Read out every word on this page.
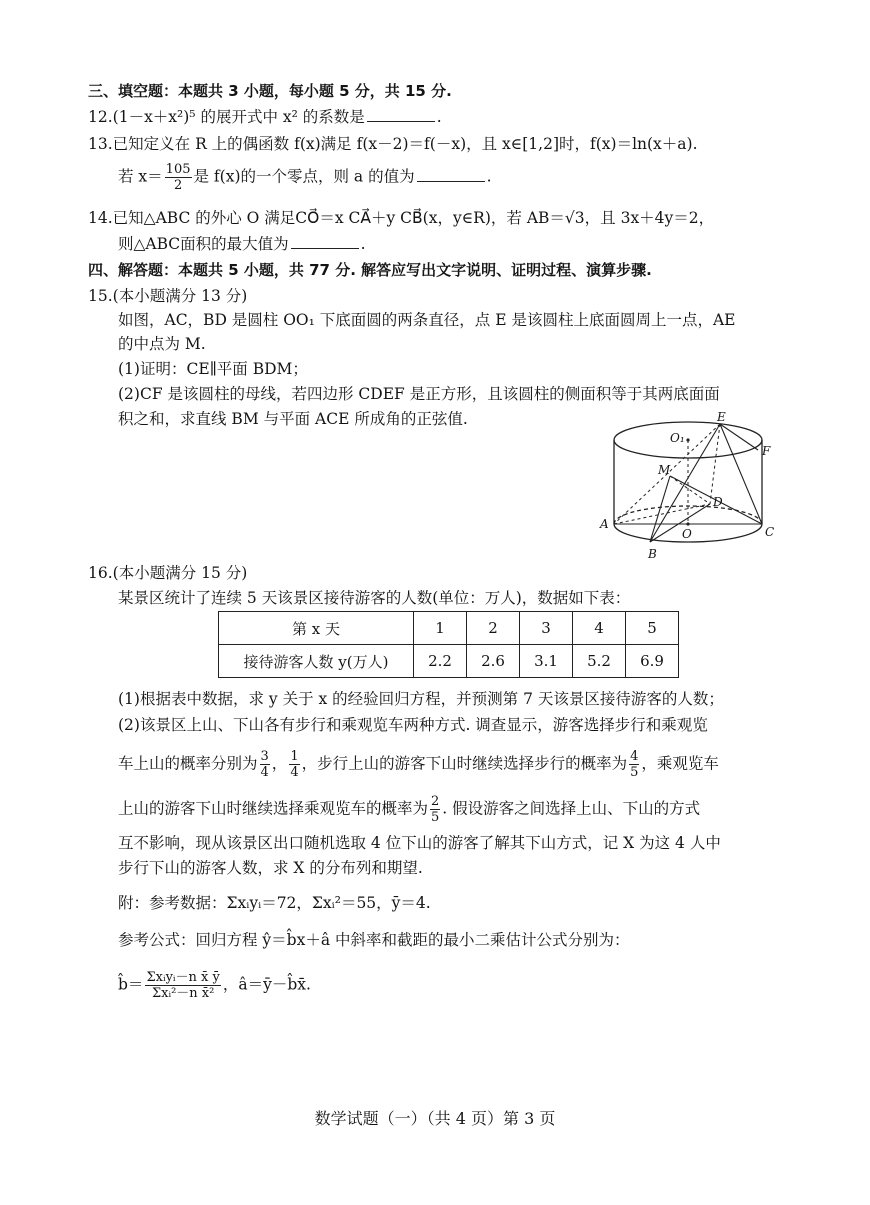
三、填空题：本题共 3 小题，每小题 5 分，共 15 分.
12.(1－x＋x²)⁵ 的展开式中 x² 的系数是	.
13.已知定义在 R 上的偶函数 f(x)满足 f(x－2)＝f(－x)，且 x∈[1,2]时，f(x)＝ln(x＋a).
若 $x= \frac{105}{2}$ 是 f(x)的一个零点，则 a 的值为	.
14.已知△ABC 的外心 O 满足CO⃗＝x CA⃗＋y CB⃗(x，y∈R)，若 AB＝√3，且 3x＋4y＝2，
则△ABC面积的最大值为	.
四、解答题：本题共 5 小题，共 77 分. 解答应写出文字说明、证明过程、演算步骤.
15.(本小题满分 13 分)
如图，AC，BD 是圆柱 OO₁ 下底面圆的两条直径，点 E 是该圆柱上底面圆周上一点，AE
的中点为 M.
(1)证明：CE∥平面 BDM；
(2)CF 是该圆柱的母线，若四边形 CDEF 是正方形，且该圆柱的侧面积等于其两底面面
积之和，求直线 BM 与平面 ACE 所成角的正弦值.	E
F
O₁
M
D
A
O	C
B
16.(本小题满分 15 分)
某景区统计了连续 5 天该景区接待游客的人数(单位：万人)，数据如下表：
第 x 天	1	2	3	4	5
接待游客人数 y(万人)	2.2	2.6	3.1	5.2	6.9
(1)根据表中数据，求 y 关于 x 的经验回归方程，并预测第 7 天该景区接待游客的人数；
(2)该景区上山、下山各有步行和乘观览车两种方式. 调查显示，游客选择步行和乘观览
车上山的概率分别为 $\frac{3}{4}$ ， $\frac{1}{4}$ ，步行上山的游客下山时继续选择步行的概率为 $\frac{4}{5}$ ，乘观览车
上山的游客下山时继续选择乘观览车的概率为 $\frac{2}{5}$ . 假设游客之间选择上山、下山的方式
互不影响，现从该景区出口随机选取 4 位下山的游客了解其下山方式，记 X 为这 4 人中
步行下山的游客人数，求 X 的分布列和期望.
附：参考数据：Σxᵢyᵢ＝72，Σxᵢ²＝55，ȳ＝4.
参考公式：回归方程 ŷ＝b̂x＋â 中斜率和截距的最小二乘估计公式分别为：
b̂＝ $\frac{\text{Σxᵢyᵢ－n x̄ ȳ}}{\text{Σxᵢ²－n x̄²}}$ ，â＝ȳ－b̂x̄.
数学试题（一）（共 4 页）第 3 页
